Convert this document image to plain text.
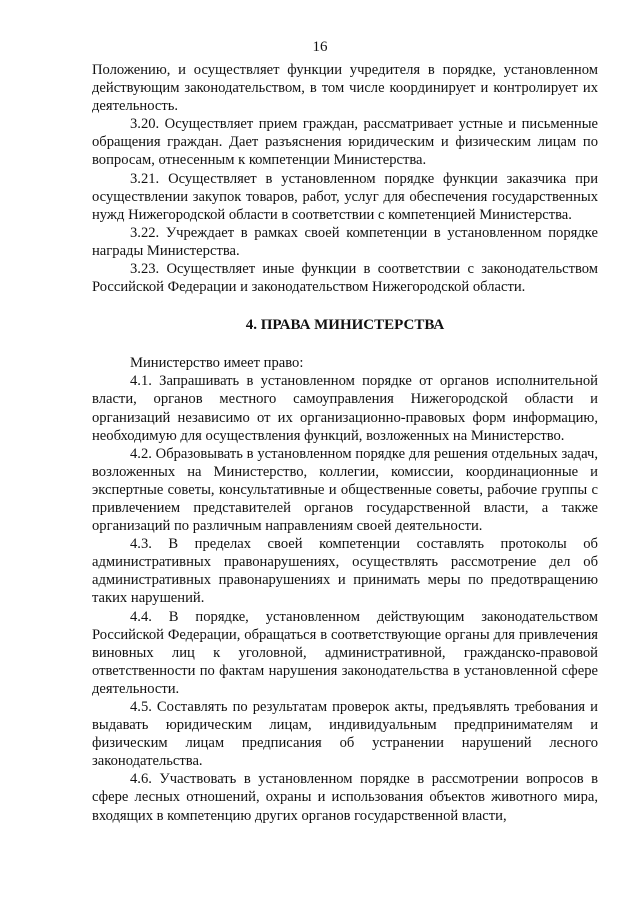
16

Положению, и осуществляет функции учредителя в порядке, установленном действующим законодательством, в том числе координирует и контролирует их деятельность.

3.20. Осуществляет прием граждан, рассматривает устные и письменные обращения граждан. Дает разъяснения юридическим и физическим лицам по вопросам, отнесенным к компетенции Министерства.

3.21. Осуществляет в установленном порядке функции заказчика при осуществлении закупок товаров, работ, услуг для обеспечения государственных нужд Нижегородской области в соответствии с компетенцией Министерства.

3.22. Учреждает в рамках своей компетенции в установленном порядке награды Министерства.

3.23. Осуществляет иные функции в соответствии с законодательством Российской Федерации и законодательством Нижегородской области.

4. ПРАВА МИНИСТЕРСТВА

Министерство имеет право:

4.1. Запрашивать в установленном порядке от органов исполнительной власти, органов местного самоуправления Нижегородской области и организаций независимо от их организационно-правовых форм информацию, необходимую для осуществления функций, возложенных на Министерство.

4.2. Образовывать в установленном порядке для решения отдельных задач, возложенных на Министерство, коллегии, комиссии, координационные и экспертные советы, консультативные и общественные советы, рабочие группы с привлечением представителей органов государственной власти, а также организаций по различным направлениям своей деятельности.

4.3. В пределах своей компетенции составлять протоколы об административных правонарушениях, осуществлять рассмотрение дел об административных правонарушениях и принимать меры по предотвращению таких нарушений.

4.4. В порядке, установленном действующим законодательством Российской Федерации, обращаться в соответствующие органы для привлечения виновных лиц к уголовной, административной, гражданско-правовой ответственности по фактам нарушения законодательства в установленной сфере деятельности.

4.5. Составлять по результатам проверок акты, предъявлять требования и выдавать юридическим лицам, индивидуальным предпринимателям и физическим лицам предписания об устранении нарушений лесного законодательства.

4.6. Участвовать в установленном порядке в рассмотрении вопросов в сфере лесных отношений, охраны и использования объектов животного мира, входящих в компетенцию других органов государственной власти,
